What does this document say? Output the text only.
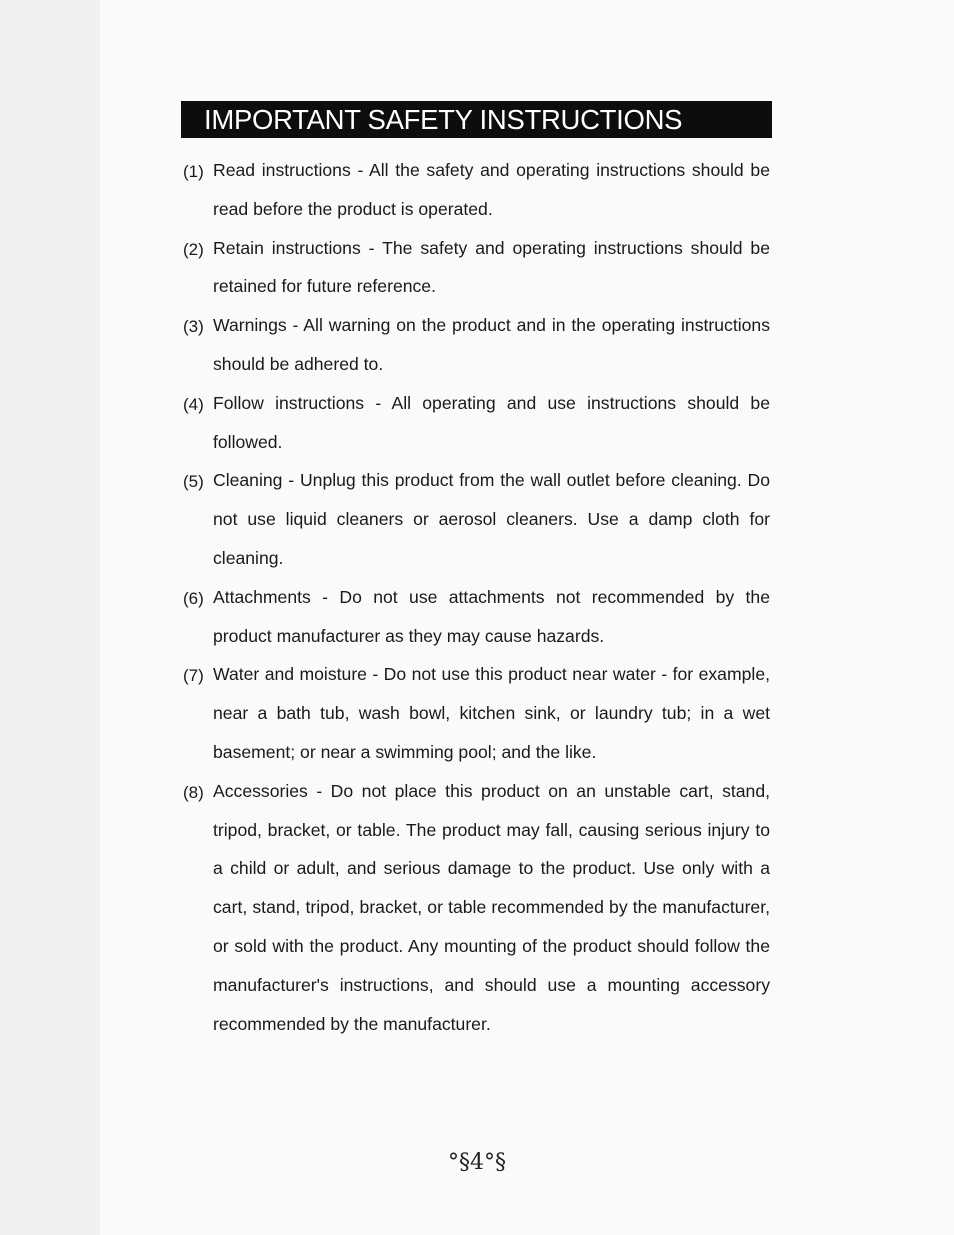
IMPORTANT SAFETY INSTRUCTIONS
(1) Read instructions - All the safety and operating instructions should be read before the product is operated.
(2) Retain instructions - The safety and operating instructions should be retained for future reference.
(3) Warnings - All warning on the product and in the operating instructions should be adhered to.
(4) Follow instructions - All operating and use instructions should be followed.
(5) Cleaning - Unplug this product from the wall outlet before cleaning. Do not use liquid cleaners or aerosol cleaners. Use a damp cloth for cleaning.
(6) Attachments - Do not use attachments not recommended by the product manufacturer as they may cause hazards.
(7) Water and moisture - Do not use this product near water - for example, near a bath tub, wash bowl, kitchen sink, or laundry tub; in a wet basement; or near a swimming pool; and the like.
(8) Accessories - Do not place this product on an unstable cart, stand, tripod, bracket, or table. The product may fall, causing serious injury to a child or adult, and serious damage to the product. Use only with a cart, stand, tripod, bracket, or table recommended by the manufacturer, or sold with the product. Any mounting of the product should follow the manufacturer's instructions, and should use a mounting accessory recommended by the manufacturer.
°§4°§
